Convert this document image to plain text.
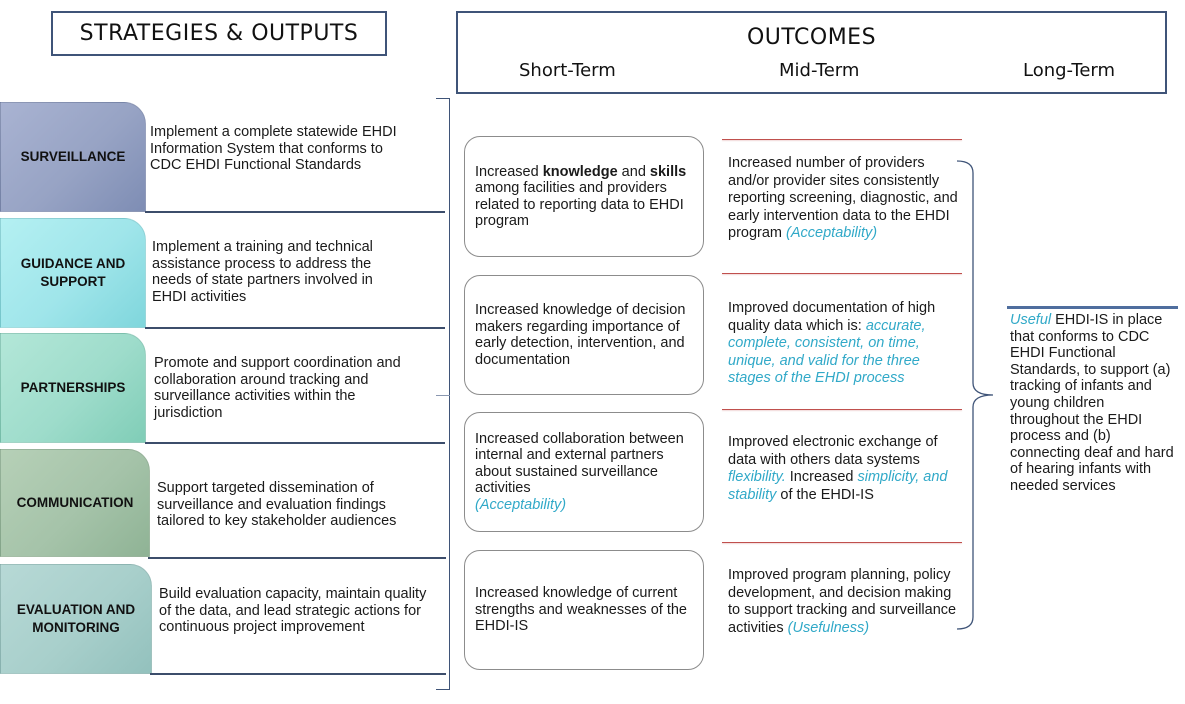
STRATEGIES & OUTPUTS	OUTCOMES
Short-Term	Mid-Term	Long-Term
SURVEILLANCE
Implement a complete statewide EHDI Information System that conforms to CDC EHDI Functional Standards
GUIDANCE AND SUPPORT
Implement a training and technical assistance process to address the needs of state partners involved in EHDI activities
PARTNERSHIPS
Promote and support coordination and collaboration around tracking and surveillance activities within the jurisdiction
COMMUNICATION
Support targeted dissemination of surveillance and evaluation findings tailored to key stakeholder audiences
EVALUATION AND MONITORING
Build evaluation capacity, maintain quality of the data, and lead strategic actions for continuous project improvement
Increased knowledge and skills among facilities and providers related to reporting data to EHDI program
Increased knowledge of decision makers regarding importance of early detection, intervention, and documentation
Increased collaboration between internal and external partners about sustained surveillance activities
(Acceptability)
Increased knowledge of current strengths and weaknesses of the EHDI-IS
Increased number of providers and/or provider sites consistently reporting screening, diagnostic, and early intervention data to the EHDI program (Acceptability)
Improved documentation of high quality data which is: accurate, complete, consistent, on time, unique, and valid for the three stages of the EHDI process
Improved electronic exchange of data with others data systems flexibility. Increased simplicity, and stability of the EHDI-IS
Improved program planning, policy development, and decision making to support tracking and surveillance activities (Usefulness)
Useful EHDI-IS in place that conforms to CDC EHDI Functional Standards, to support (a) tracking of infants and young children throughout the EHDI process and (b) connecting deaf and hard of hearing infants with needed services
